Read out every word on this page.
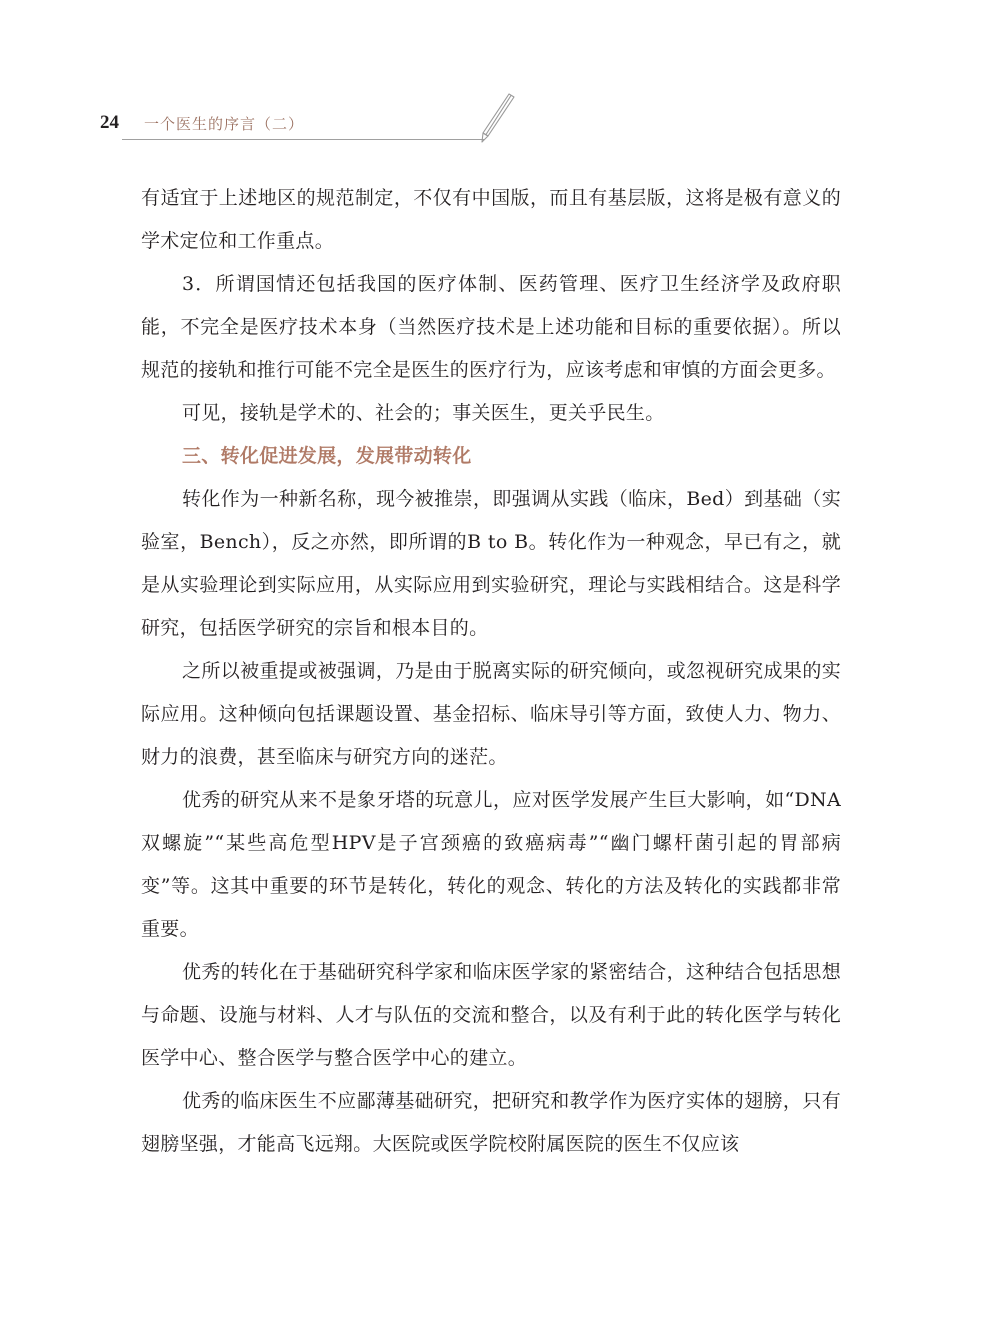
24 一个医生的序言（二）

有适宜于上述地区的规范制定，不仅有中国版，而且有基层版，这将是极有意义的学术定位和工作重点。

3．所谓国情还包括我国的医疗体制、医药管理、医疗卫生经济学及政府职能，不完全是医疗技术本身（当然医疗技术是上述功能和目标的重要依据）。所以规范的接轨和推行可能不完全是医生的医疗行为，应该考虑和审慎的方面会更多。

可见，接轨是学术的、社会的；事关医生，更关乎民生。

三、转化促进发展，发展带动转化

转化作为一种新名称，现今被推崇，即强调从实践（临床，Bed）到基础（实验室，Bench），反之亦然，即所谓的B to B。转化作为一种观念，早已有之，就是从实验理论到实际应用，从实际应用到实验研究，理论与实践相结合。这是科学研究，包括医学研究的宗旨和根本目的。

之所以被重提或被强调，乃是由于脱离实际的研究倾向，或忽视研究成果的实际应用。这种倾向包括课题设置、基金招标、临床导引等方面，致使人力、物力、财力的浪费，甚至临床与研究方向的迷茫。

优秀的研究从来不是象牙塔的玩意儿，应对医学发展产生巨大影响，如“DNA双螺旋”“某些高危型HPV是子宫颈癌的致癌病毒”“幽门螺杆菌引起的胃部病变”等。这其中重要的环节是转化，转化的观念、转化的方法及转化的实践都非常重要。

优秀的转化在于基础研究科学家和临床医学家的紧密结合，这种结合包括思想与命题、设施与材料、人才与队伍的交流和整合，以及有利于此的转化医学与转化医学中心、整合医学与整合医学中心的建立。

优秀的临床医生不应鄙薄基础研究，把研究和教学作为医疗实体的翅膀，只有翅膀坚强，才能高飞远翔。大医院或医学院校附属医院的医生不仅应该
